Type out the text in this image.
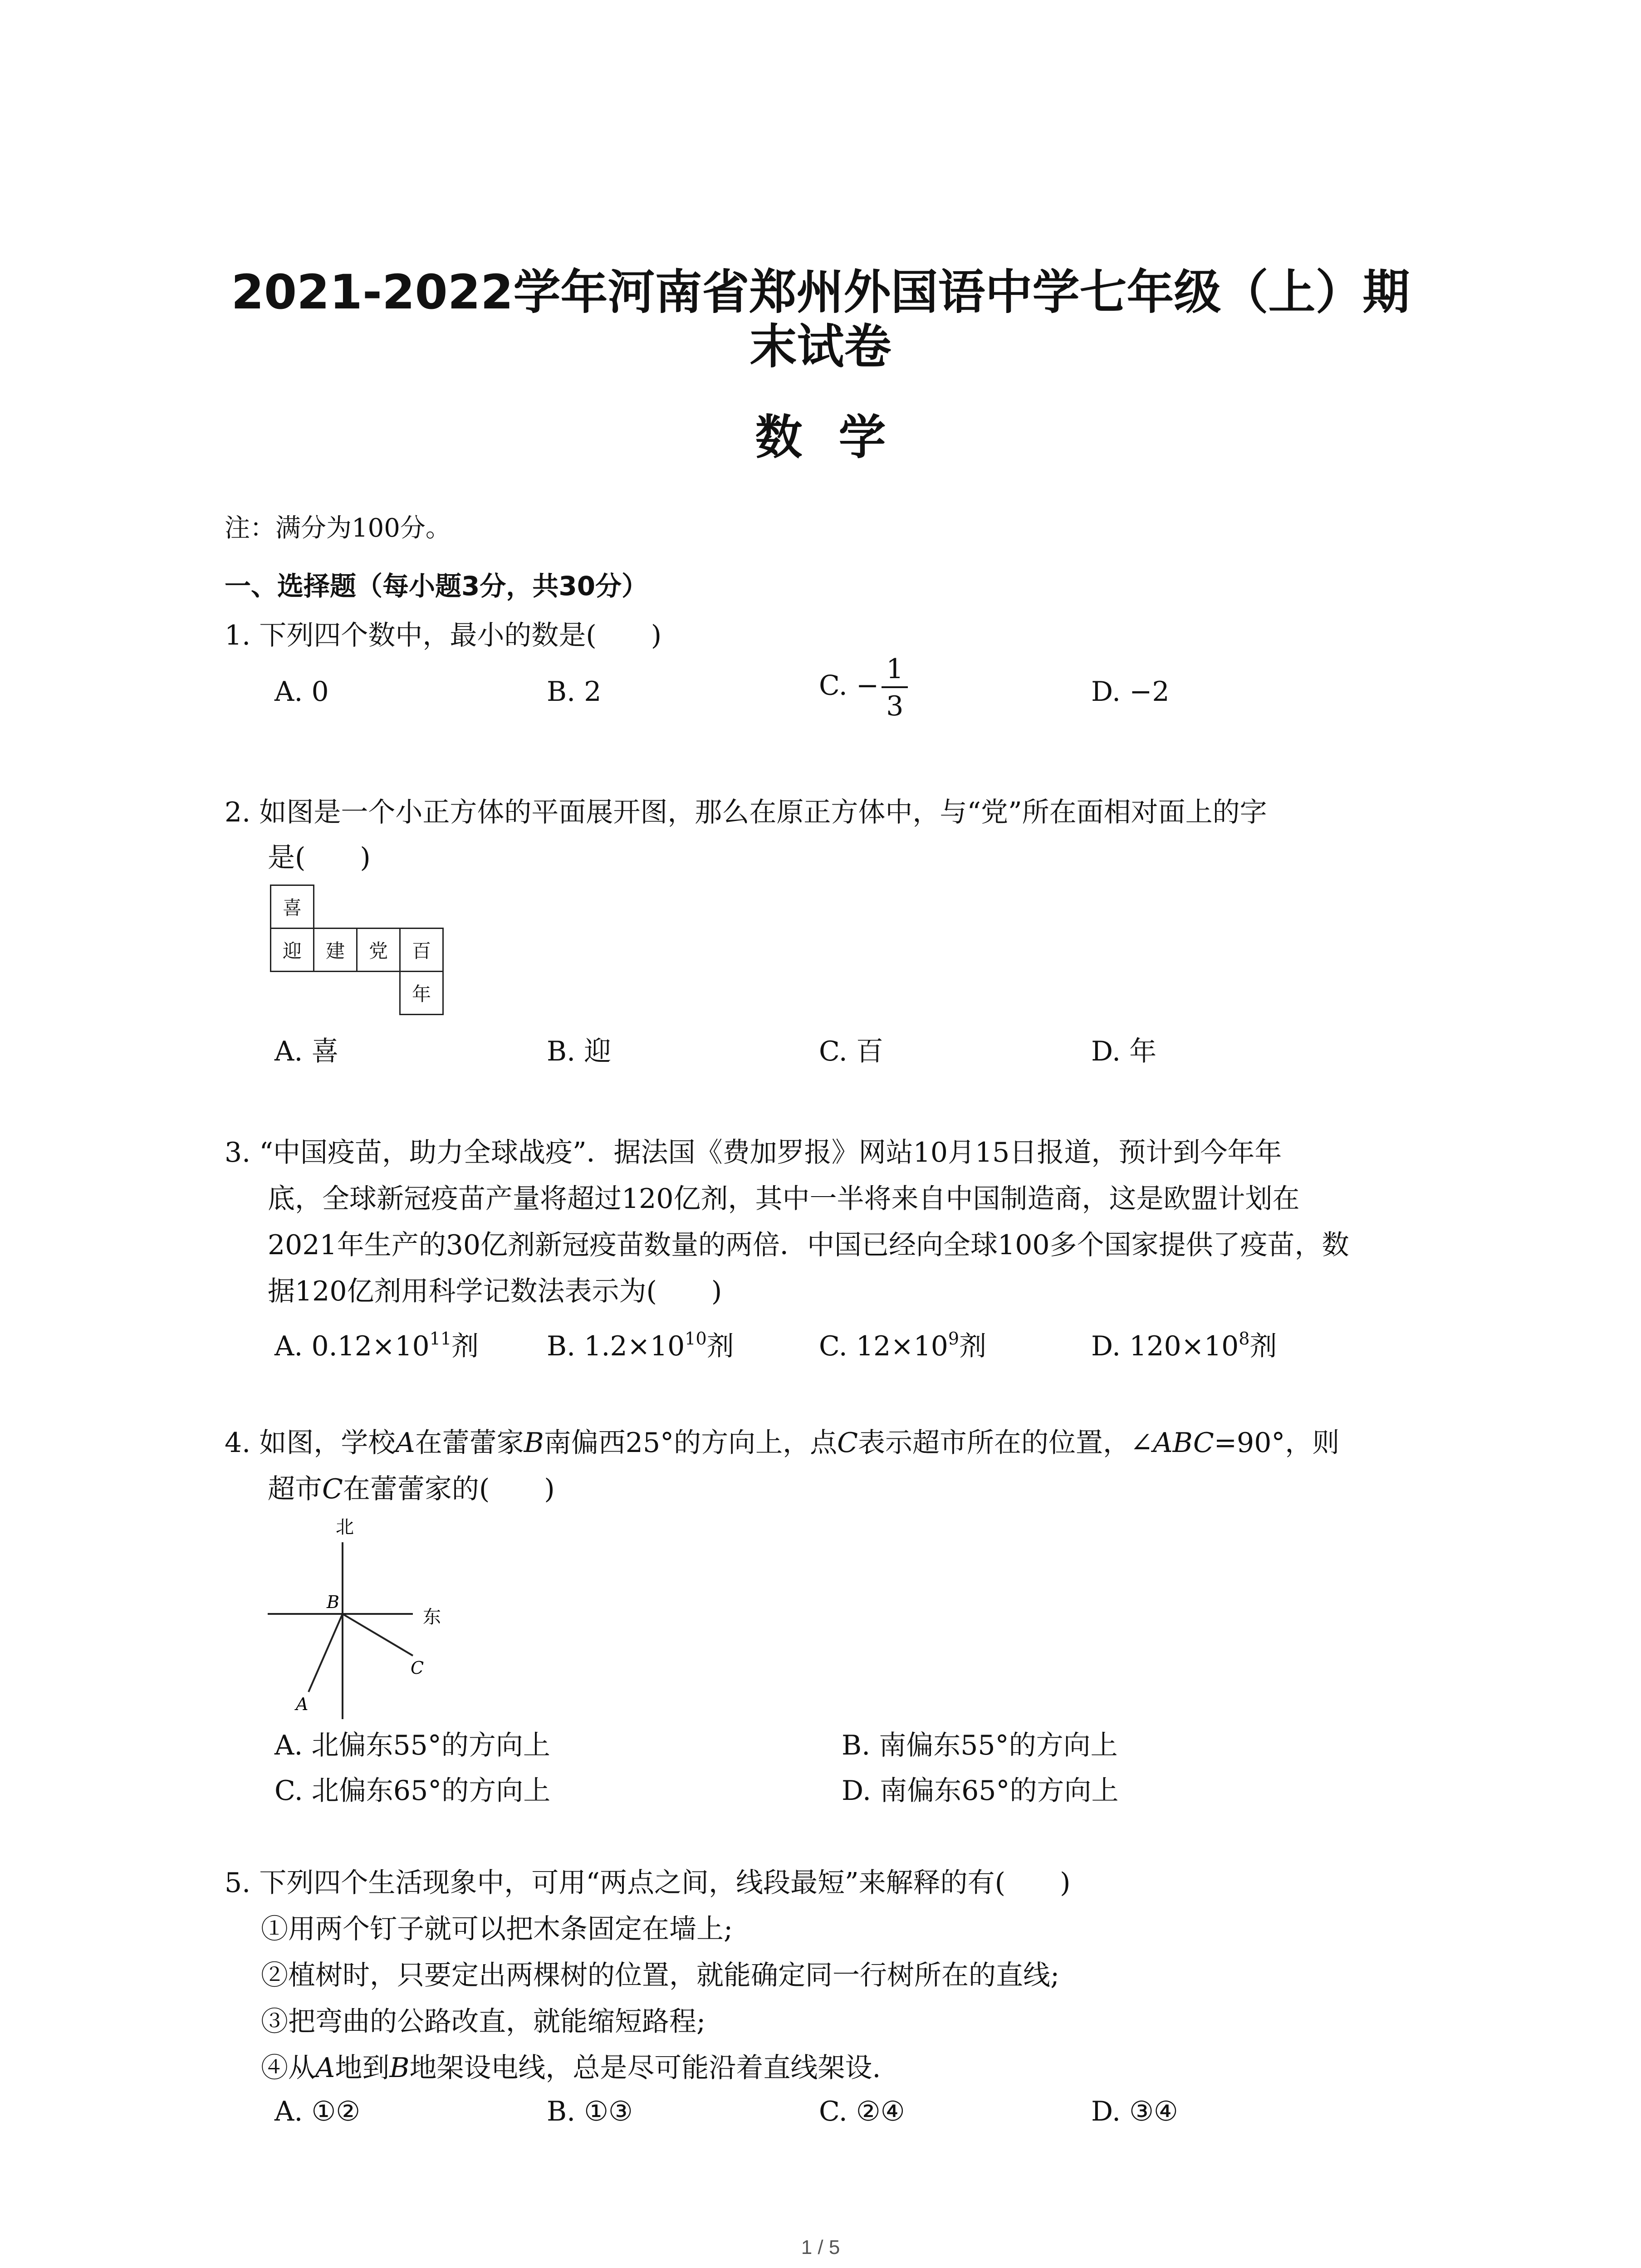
2021-2022学年河南省郑州外国语中学七年级（上）期
末试卷
数学
注：满分为100分。
一、选择题（每小题3分，共30分）
1. 下列四个数中，最小的数是(　　)
A. 0	B. 2	C. − $\frac{1}{3}$	D. −2
2. 如图是一个小正方体的平面展开图，那么在原正方体中，与“党”所在面相对面上的字
是(　　)
喜
迎	建	党	百
年
A. 喜	B. 迎	C. 百	D. 年
3. “中国疫苗，助力全球战疫”．据法国《费加罗报》网站10月15日报道，预计到今年年
底，全球新冠疫苗产量将超过120亿剂，其中一半将来自中国制造商，这是欧盟计划在
2021年生产的30亿剂新冠疫苗数量的两倍．中国已经向全球100多个国家提供了疫苗，数
据120亿剂用科学记数法表示为(　　)
A. $0.12\times 10^{11}$剂 B. $1.2\times 10^{10}$剂	C. $12\times 10^9$剂	D. $120\times 10^8$剂
4. 如图，学校A在蕾蕾家B南偏西25°的方向上，点C表示超市所在的位置，∠ABC=90°，则
超市C在蕾蕾家的(　　)
北
东
B
C
A
A. 北偏东55°的方向上	B. 南偏东55°的方向上
C. 北偏东65°的方向上	D. 南偏东65°的方向上
5. 下列四个生活现象中，可用“两点之间，线段最短”来解释的有(　　)
①用两个钉子就可以把木条固定在墙上;
②植树时，只要定出两棵树的位置，就能确定同一行树所在的直线;
③把弯曲的公路改直，就能缩短路程;
④从A地到B地架设电线，总是尽可能沿着直线架设.
A. ①②	B. ①③	C. ②④	D. ③④
1 / 5
